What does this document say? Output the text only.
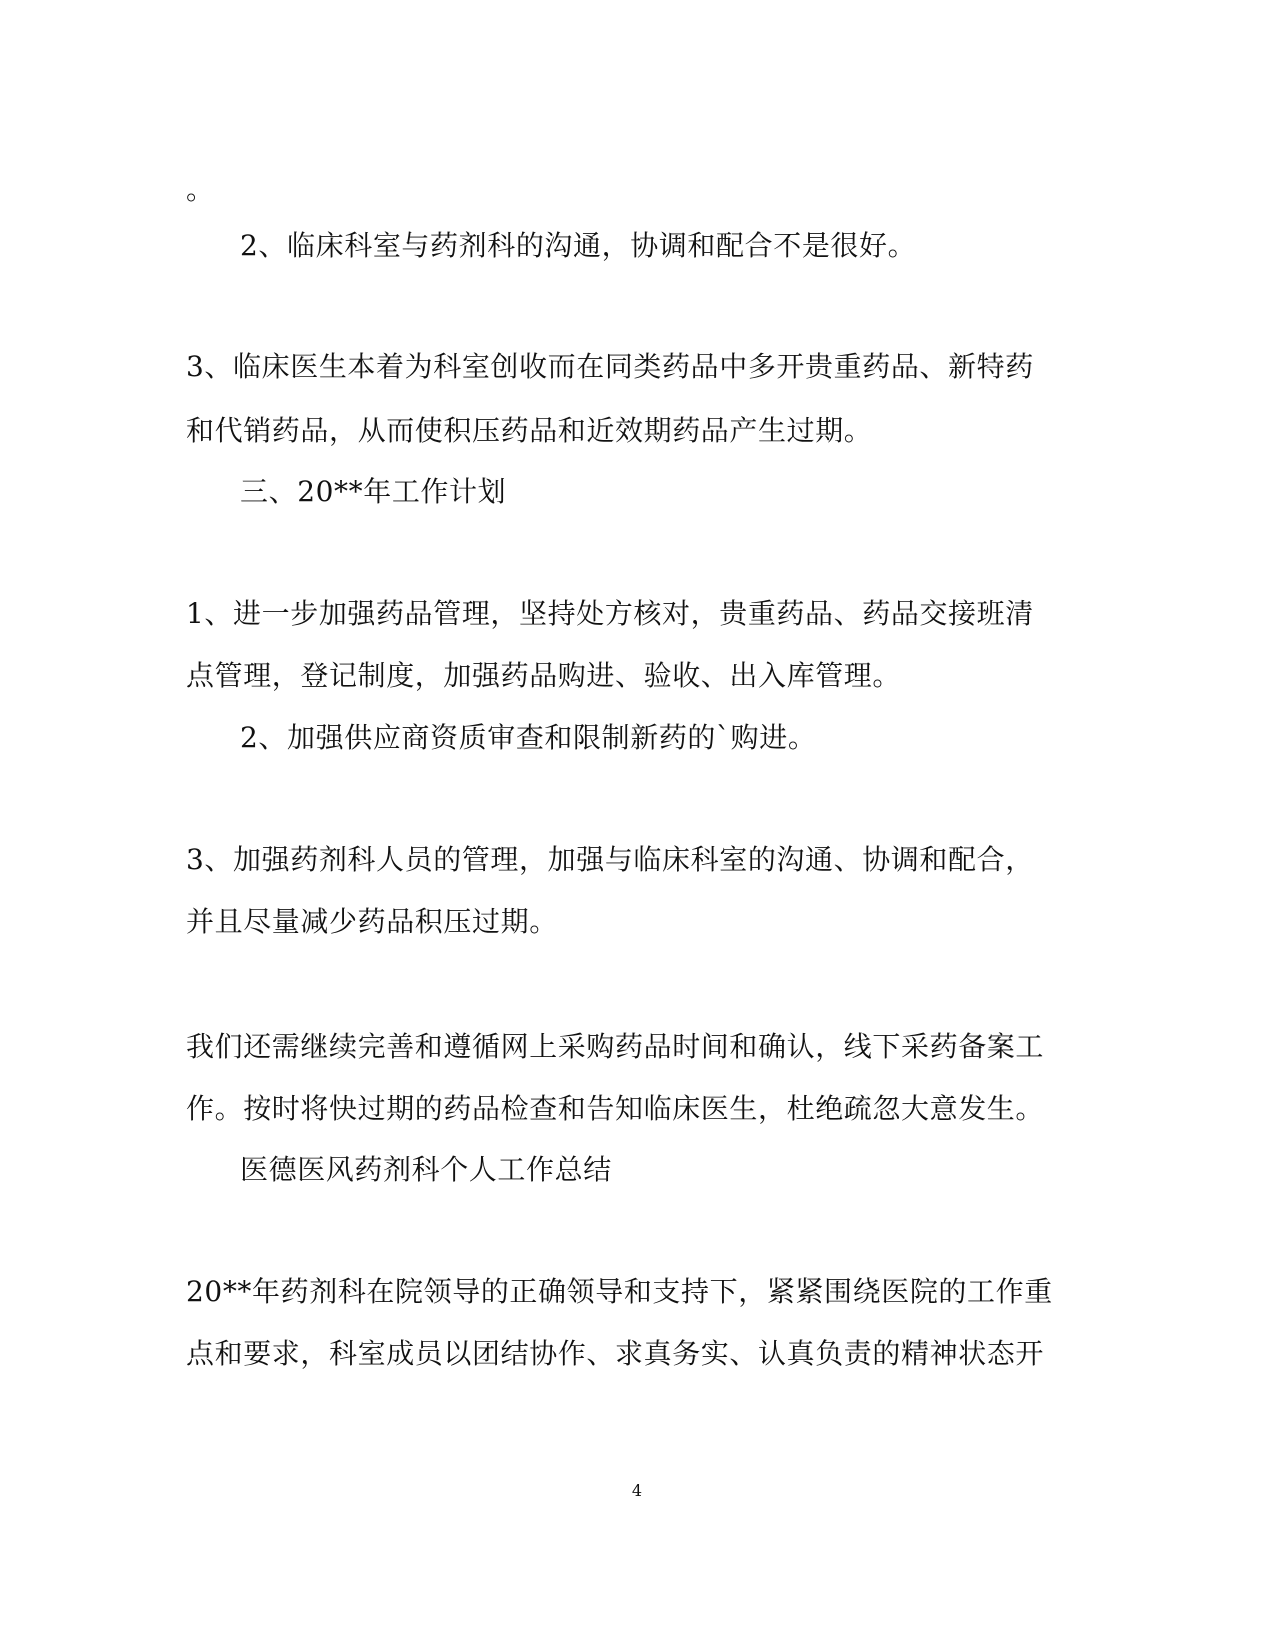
。
2、临床科室与药剂科的沟通，协调和配合不是很好。
3、临床医生本着为科室创收而在同类药品中多开贵重药品、新特药
和代销药品，从而使积压药品和近效期药品产生过期。
三、20**年工作计划
1、进一步加强药品管理，坚持处方核对，贵重药品、药品交接班清
点管理，登记制度，加强药品购进、验收、出入库管理。
2、加强供应商资质审查和限制新药的`购进。
3、加强药剂科人员的管理，加强与临床科室的沟通、协调和配合，
并且尽量减少药品积压过期。
我们还需继续完善和遵循网上采购药品时间和确认，线下采药备案工
作。按时将快过期的药品检查和告知临床医生，杜绝疏忽大意发生。
医德医风药剂科个人工作总结
20**年药剂科在院领导的正确领导和支持下，紧紧围绕医院的工作重
点和要求，科室成员以团结协作、求真务实、认真负责的精神状态开
4
